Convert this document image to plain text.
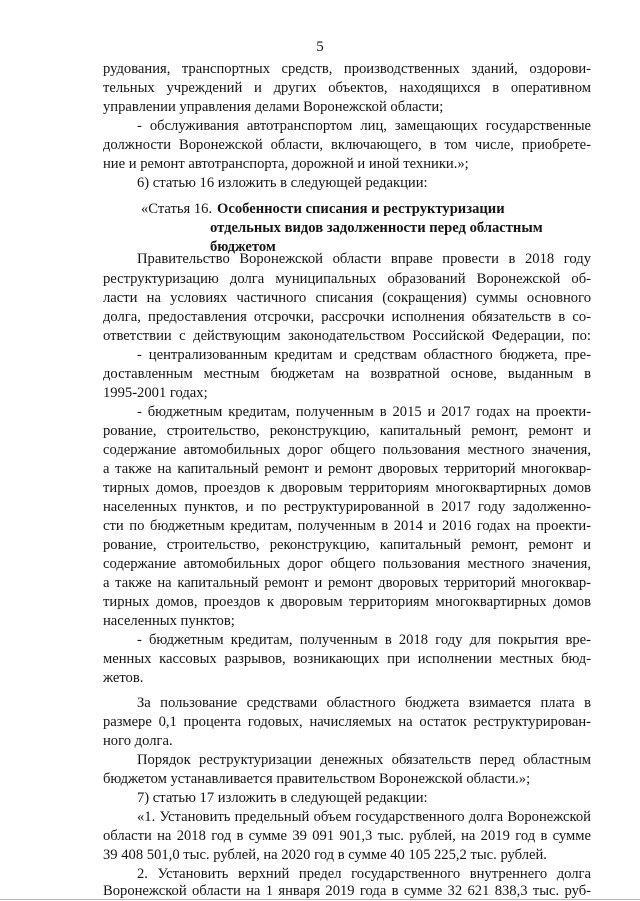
5
рудования, транспортных средств, производственных зданий, оздорови-
тельных учреждений и других объектов, находящихся в оперативном
управлении управления делами Воронежской области;
- обслуживания автотранспортом лиц, замещающих государственные
должности Воронежской области, включающего, в том числе, приобрете-
ние и ремонт автотранспорта, дорожной и иной техники.»;
6) статью 16 изложить в следующей редакции:
«Статья 16. Особенности списания и реструктуризации
отдельных видов задолженности перед областным
бюджетом
Правительство Воронежской области вправе провести в 2018 году
реструктуризацию долга муниципальных образований Воронежской об-
ласти на условиях частичного списания (сокращения) суммы основного
долга, предоставления отсрочки, рассрочки исполнения обязательств в со-
ответствии с действующим законодательством Российской Федерации, по:
- централизованным кредитам и средствам областного бюджета, пре-
доставленным местным бюджетам на возвратной основе, выданным в
1995-2001 годах;
- бюджетным кредитам, полученным в 2015 и 2017 годах на проекти-
рование, строительство, реконструкцию, капитальный ремонт, ремонт и
содержание автомобильных дорог общего пользования местного значения,
а также на капитальный ремонт и ремонт дворовых территорий многоквар-
тирных домов, проездов к дворовым территориям многоквартирных домов
населенных пунктов, и по реструктурированной в 2017 году задолженно-
сти по бюджетным кредитам, полученным в 2014 и 2016 годах на проекти-
рование, строительство, реконструкцию, капитальный ремонт, ремонт и
содержание автомобильных дорог общего пользования местного значения,
а также на капитальный ремонт и ремонт дворовых территорий многоквар-
тирных домов, проездов к дворовым территориям многоквартирных домов
населенных пунктов;
- бюджетным кредитам, полученным в 2018 году для покрытия вре-
менных кассовых разрывов, возникающих при исполнении местных бюд-
жетов.
За пользование средствами областного бюджета взимается плата в
размере 0,1 процента годовых, начисляемых на остаток реструктурирован-
ного долга.
Порядок реструктуризации денежных обязательств перед областным
бюджетом устанавливается правительством Воронежской области.»;
7) статью 17 изложить в следующей редакции:
«1. Установить предельный объем государственного долга Воронежской
области на 2018 год в сумме 39 091 901,3 тыс. рублей, на 2019 год в сумме
39 408 501,0 тыс. рублей, на 2020 год в сумме 40 105 225,2 тыс. рублей.
2. Установить верхний предел государственного внутреннего долга
Воронежской области на 1 января 2019 года в сумме 32 621 838,3 тыс. руб-
